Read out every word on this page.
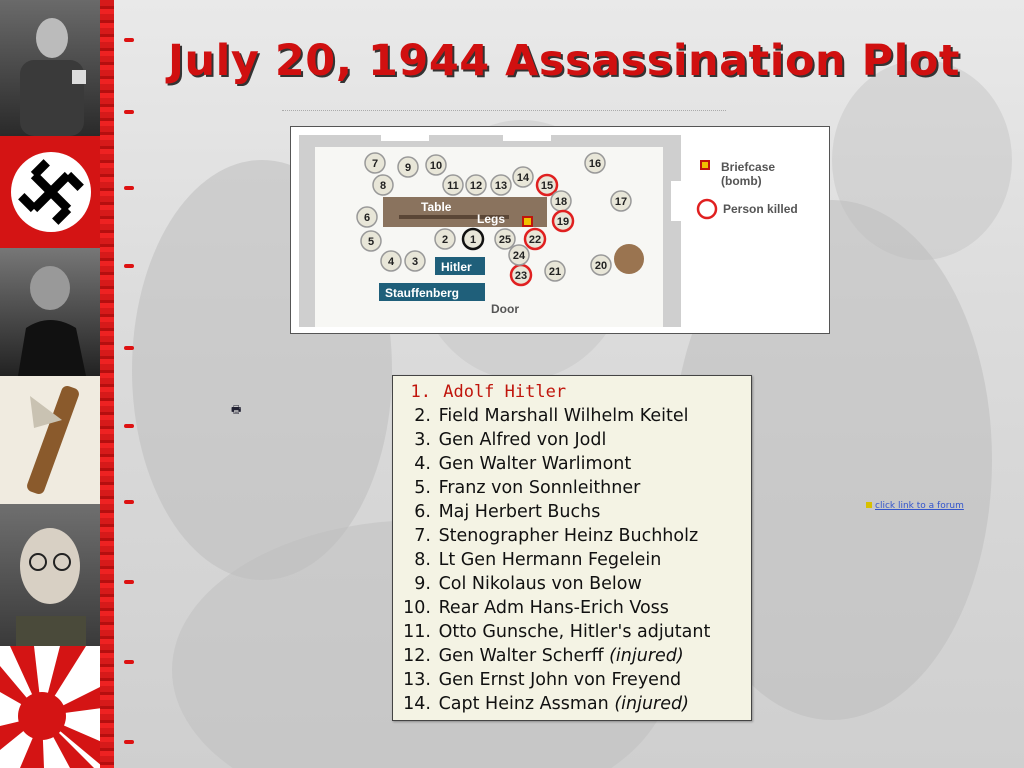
July 20, 1944 Assassination Plot
Table
Legs
Hitler
Stauffenberg
Door
Briefcase
(bomb)
Person killed
1
2
3
4
5
6
7
8
9 10
11 12 13
14
15
16
17
18
19
20
21
22
23
24
25
1. Adolf Hitler
2. Field Marshall Wilhelm Keitel
3. Gen Alfred von Jodl
4. Gen Walter Warlimont
5. Franz von Sonnleithner
6. Maj Herbert Buchs
7. Stenographer Heinz Buchholz
8. Lt Gen Hermann Fegelein
9. Col Nikolaus von Below
10. Rear Adm Hans-Erich Voss
11. Otto Gunsche, Hitler's adjutant
12. Gen Walter Scherff (injured)
13. Gen Ernst John von Freyend
14. Capt Heinz Assman (injured)
🖶
click link to a forum
